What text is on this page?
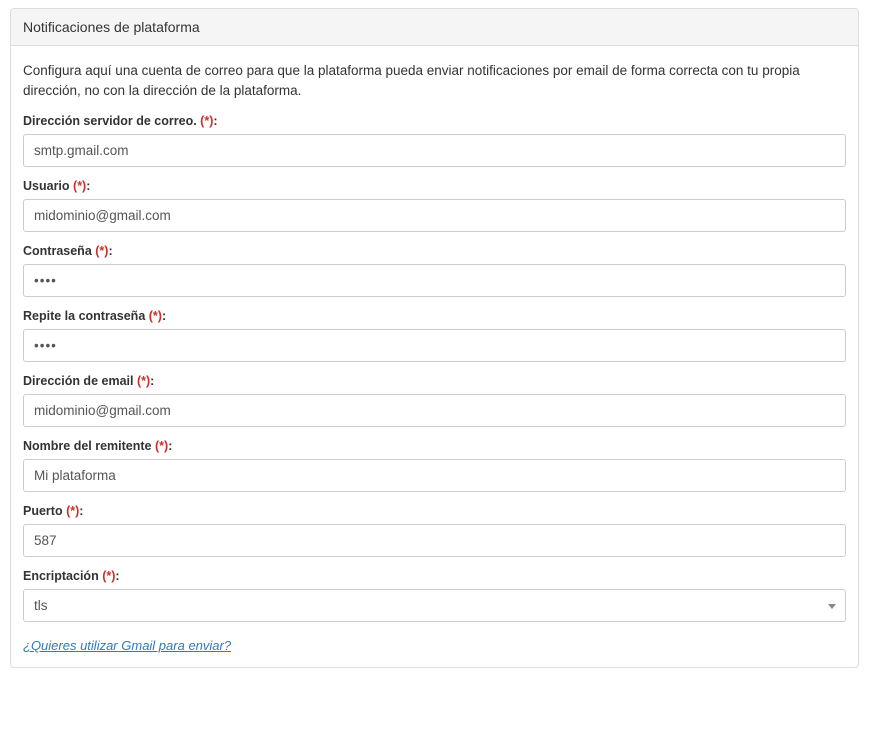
Notificaciones de plataforma

Configura aquí una cuenta de correo para que la plataforma pueda enviar notificaciones por email de forma correcta con tu propia dirección, no con la dirección de la plataforma.

Dirección servidor de correo. (*):
smtp.gmail.com
Usuario (*):
midominio@gmail.com
Contraseña (*):
••••
Repite la contraseña (*):
••••
Dirección de email (*):
midominio@gmail.com
Nombre del remitente (*):
Mi plataforma
Puerto (*):
587
Encriptación (*):
tls
¿Quieres utilizar Gmail para enviar?
